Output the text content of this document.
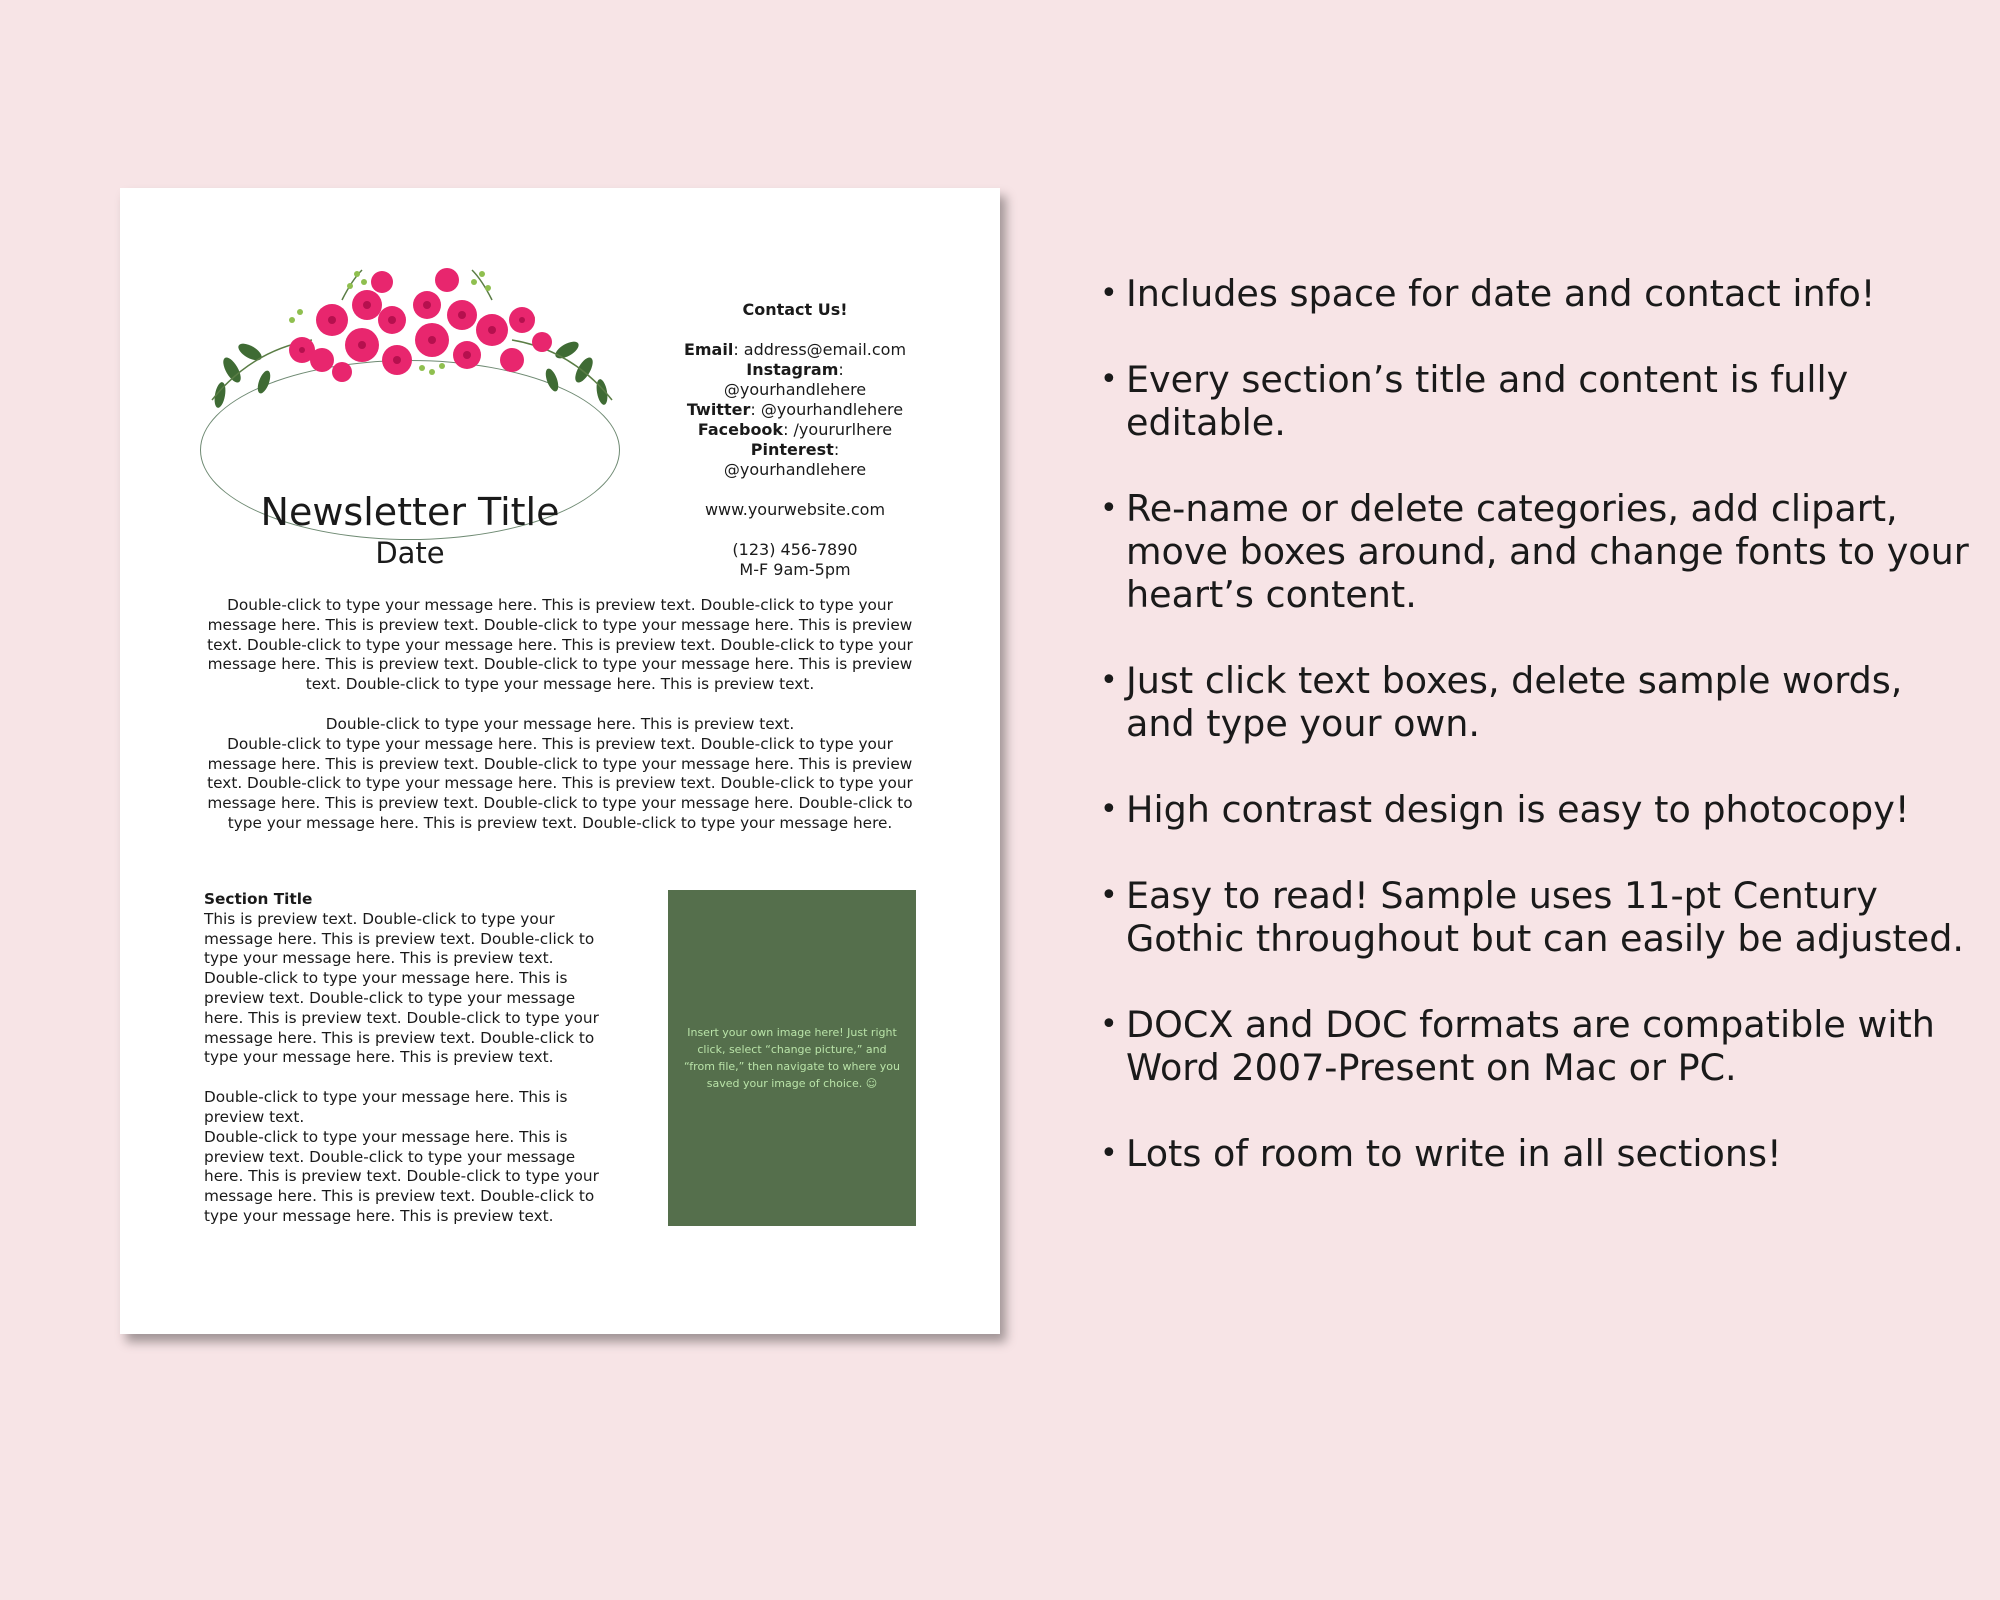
Newsletter Title
Date
Contact Us!
Email: address@email.com
Instagram: @yourhandlehere
Twitter: @yourhandlehere
Facebook: /yoururlhere
Pinterest: @yourhandlehere
www.yourwebsite.com
(123) 456-7890
M-F 9am-5pm

Double-click to type your message here. This is preview text. Double-click to type your message here. This is preview text. Double-click to type your message here. This is preview text. Double-click to type your message here. This is preview text. Double-click to type your message here. This is preview text. Double-click to type your message here. This is preview text. Double-click to type your message here. This is preview text.

Double-click to type your message here. This is preview text.
Double-click to type your message here. This is preview text. Double-click to type your message here. This is preview text. Double-click to type your message here. This is preview text. Double-click to type your message here. This is preview text. Double-click to type your message here. This is preview text. Double-click to type your message here. Double-click to type your message here. This is preview text. Double-click to type your message here.

Section Title

This is preview text. Double-click to type your message here. This is preview text. Double-click to type your message here. This is preview text. Double-click to type your message here. This is preview text. Double-click to type your message here. This is preview text. Double-click to type your message here. This is preview text. Double-click to type your message here. This is preview text.

Double-click to type your message here. This is preview text.
Double-click to type your message here. This is preview text. Double-click to type your message here. This is preview text. Double-click to type your message here. This is preview text. Double-click to type your message here. This is preview text.

Insert your own image here! Just right click, select “change picture,” and “from file,” then navigate to where you saved your image of choice. ☺
• Includes space for date and contact info!
• Every section’s title and content is fully editable.
• Re-name or delete categories, add clipart, move boxes around, and change fonts to your heart’s content.
• Just click text boxes, delete sample words, and type your own.
• High contrast design is easy to photocopy!
• Easy to read! Sample uses 11-pt Century Gothic throughout but can easily be adjusted.
• DOCX and DOC formats are compatible with Word 2007-Present on Mac or PC.
• Lots of room to write in all sections!
